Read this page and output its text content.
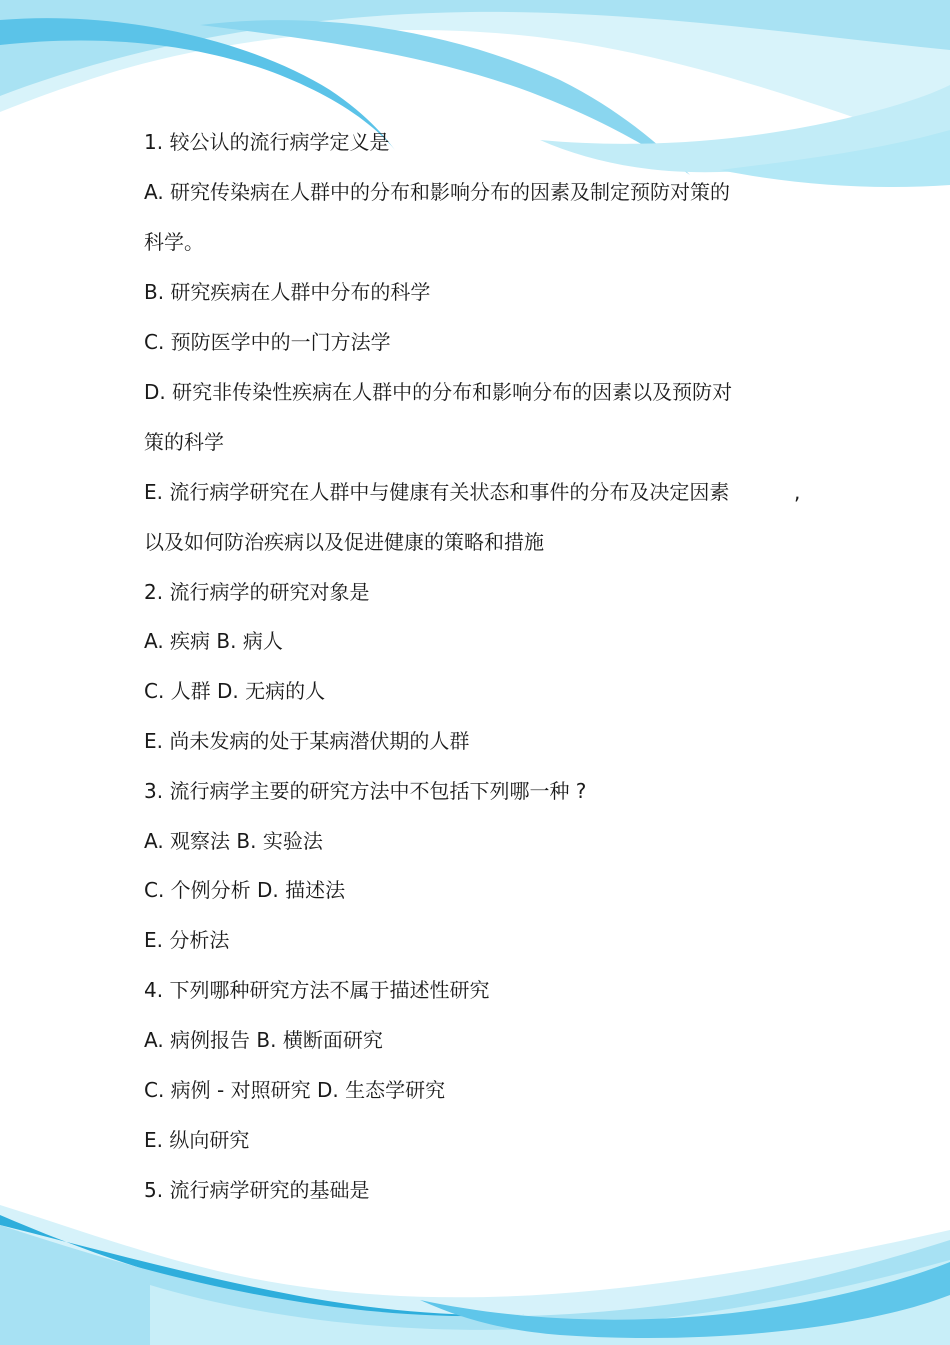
1. 较公认的流行病学定义是
A. 研究传染病在人群中的分布和影响分布的因素及制定预防对策的
科学。
B. 研究疾病在人群中分布的科学
C. 预防医学中的一门方法学
D. 研究非传染性疾病在人群中的分布和影响分布的因素以及预防对
策的科学
E. 流行病学研究在人群中与健康有关状态和事件的分布及决定因素	,
以及如何防治疾病以及促进健康的策略和措施
2. 流行病学的研究对象是
A. 疾病 B. 病人
C. 人群 D. 无病的人
E. 尚未发病的处于某病潜伏期的人群
3. 流行病学主要的研究方法中不包括下列哪一种 ?
A. 观察法 B. 实验法
C. 个例分析 D. 描述法
E. 分析法
4. 下列哪种研究方法不属于描述性研究
A. 病例报告 B. 横断面研究
C. 病例 - 对照研究 D. 生态学研究
E. 纵向研究
5. 流行病学研究的基础是
